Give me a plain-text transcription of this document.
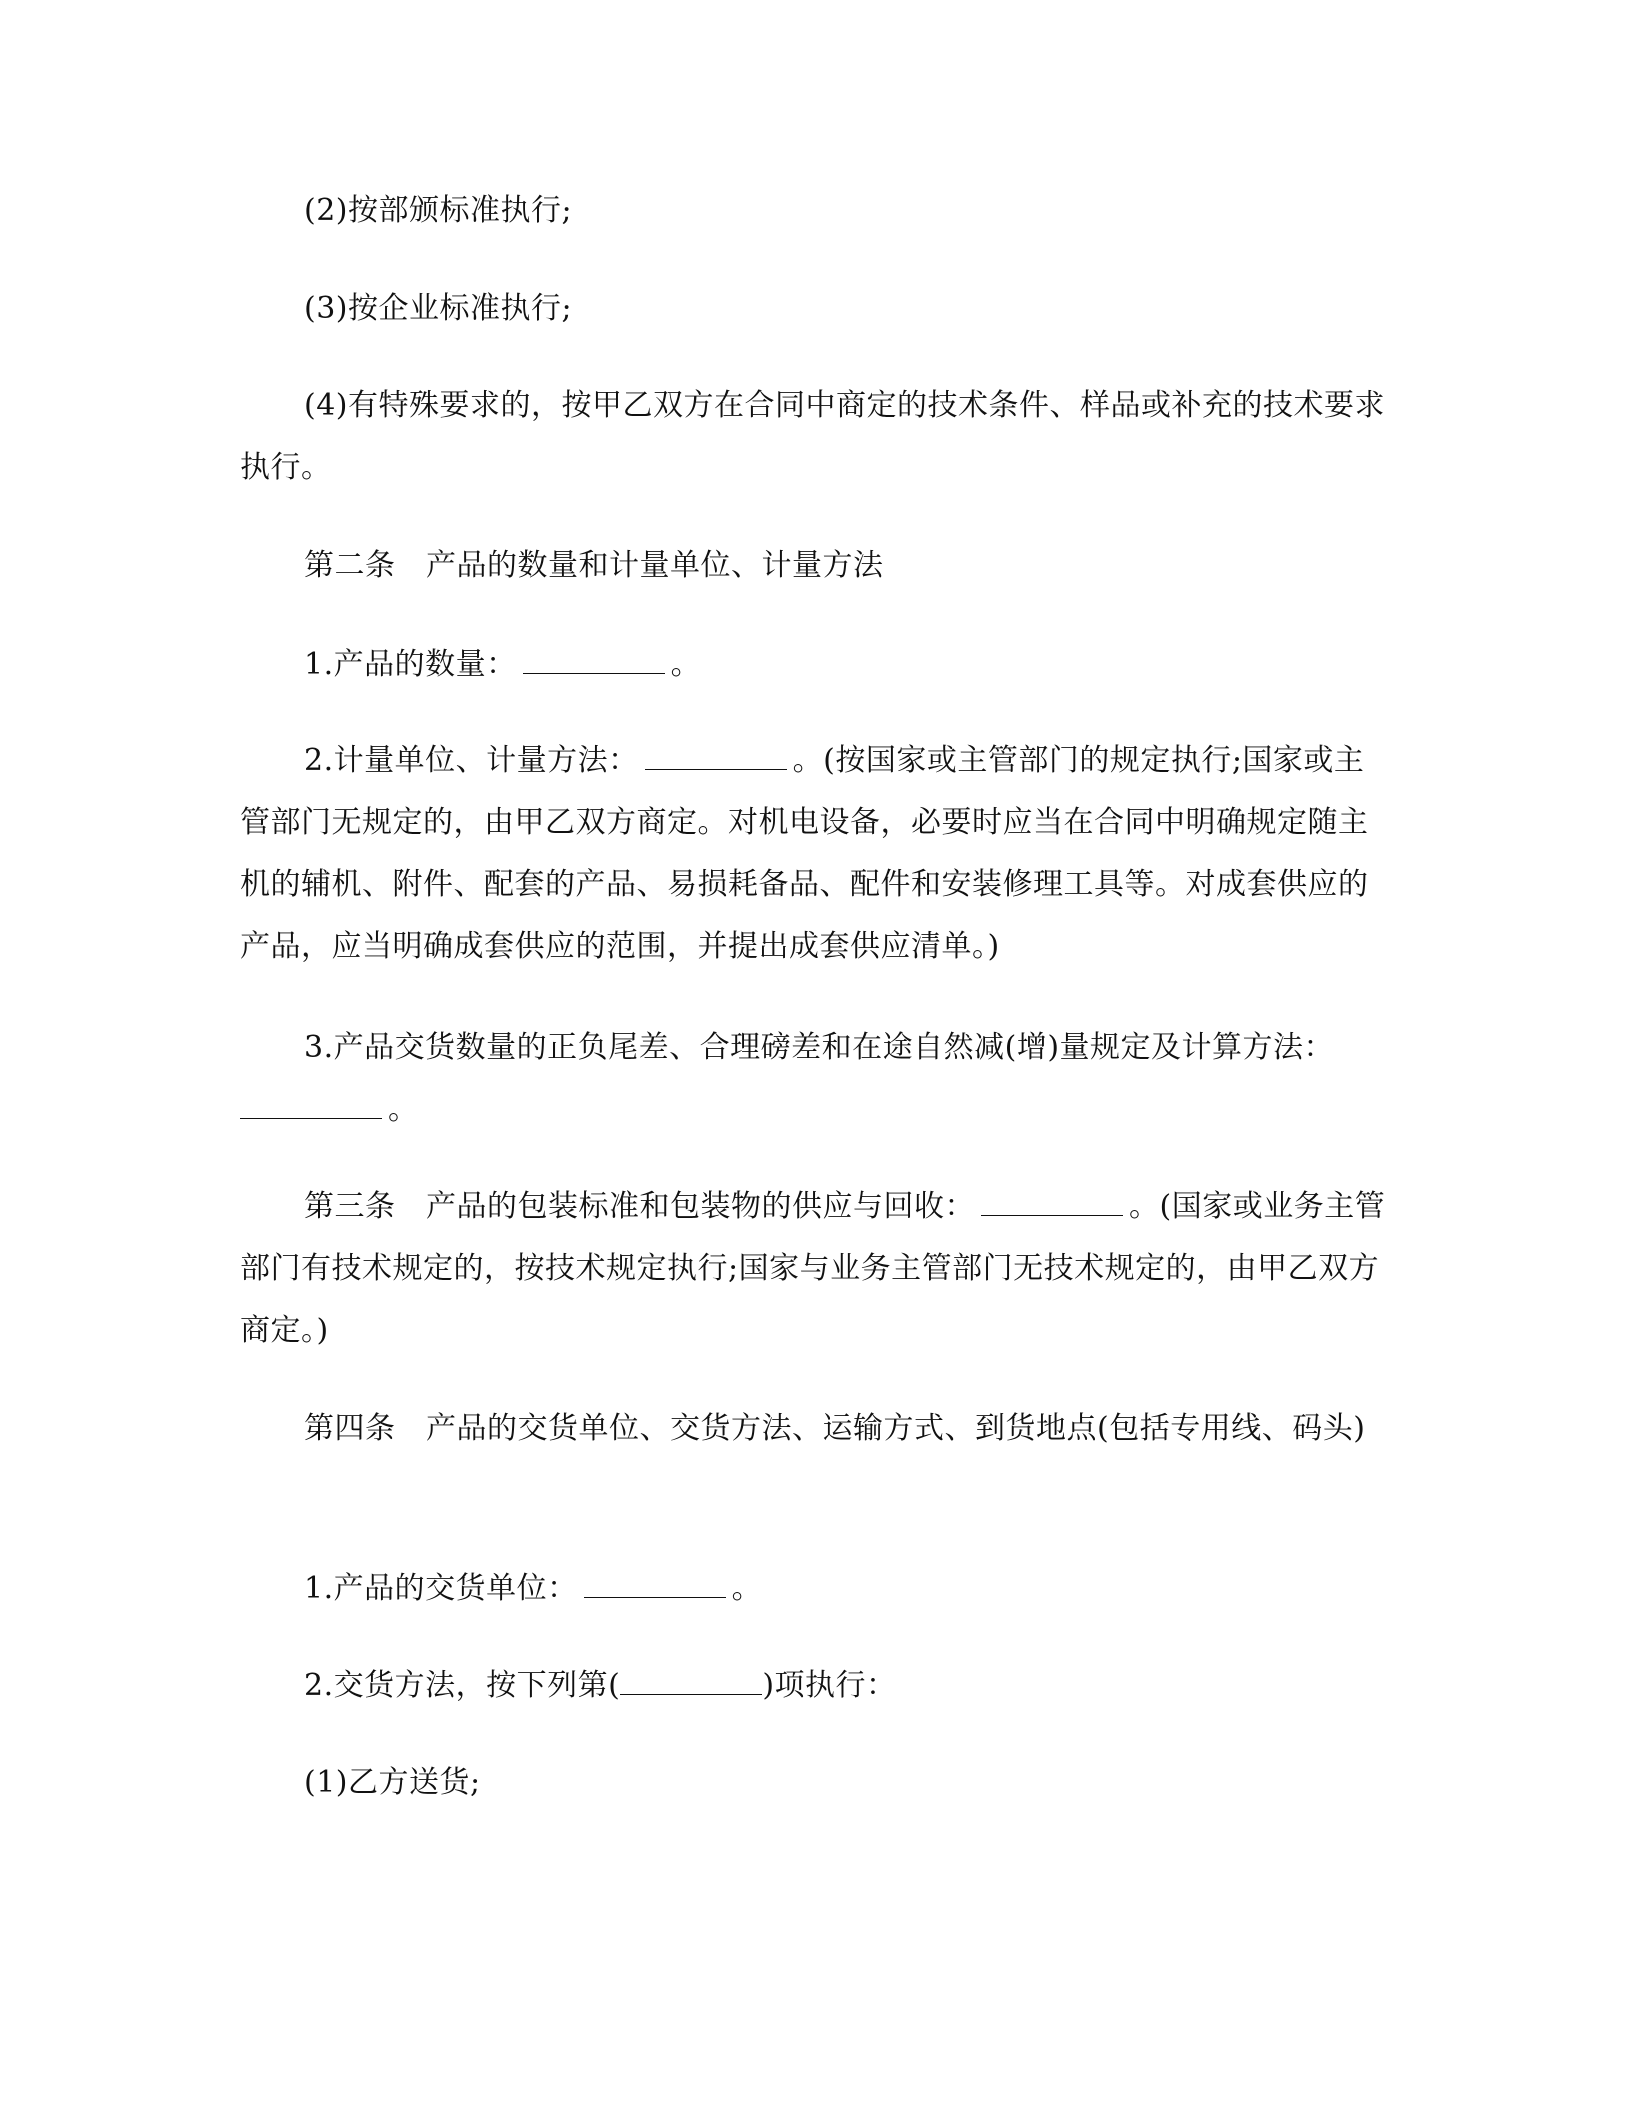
(2)按部颁标准执行;

(3)按企业标准执行;

(4)有特殊要求的，按甲乙双方在合同中商定的技术条件、样品或补充的技术要求执行。

第二条　产品的数量和计量单位、计量方法

1.产品的数量：	。

2.计量单位、计量方法：	。(按国家或主管部门的规定执行;国家或主管部门无规定的，由甲乙双方商定。对机电设备，必要时应当在合同中明确规定随主机的辅机、附件、配套的产品、易损耗备品、配件和安装修理工具等。对成套供应的产品，应当明确成套供应的范围，并提出成套供应清单。)

3.产品交货数量的正负尾差、合理磅差和在途自然减(增)量规定及计算方法：。

第三条　产品的包装标准和包装物的供应与回收：	。(国家或业务主管部门有技术规定的，按技术规定执行;国家与业务主管部门无技术规定的，由甲乙双方商定。)

第四条　产品的交货单位、交货方法、运输方式、到货地点(包括专用线、码头)

1.产品的交货单位：	。

2.交货方法，按下列第(	)项执行：

(1)乙方送货;
